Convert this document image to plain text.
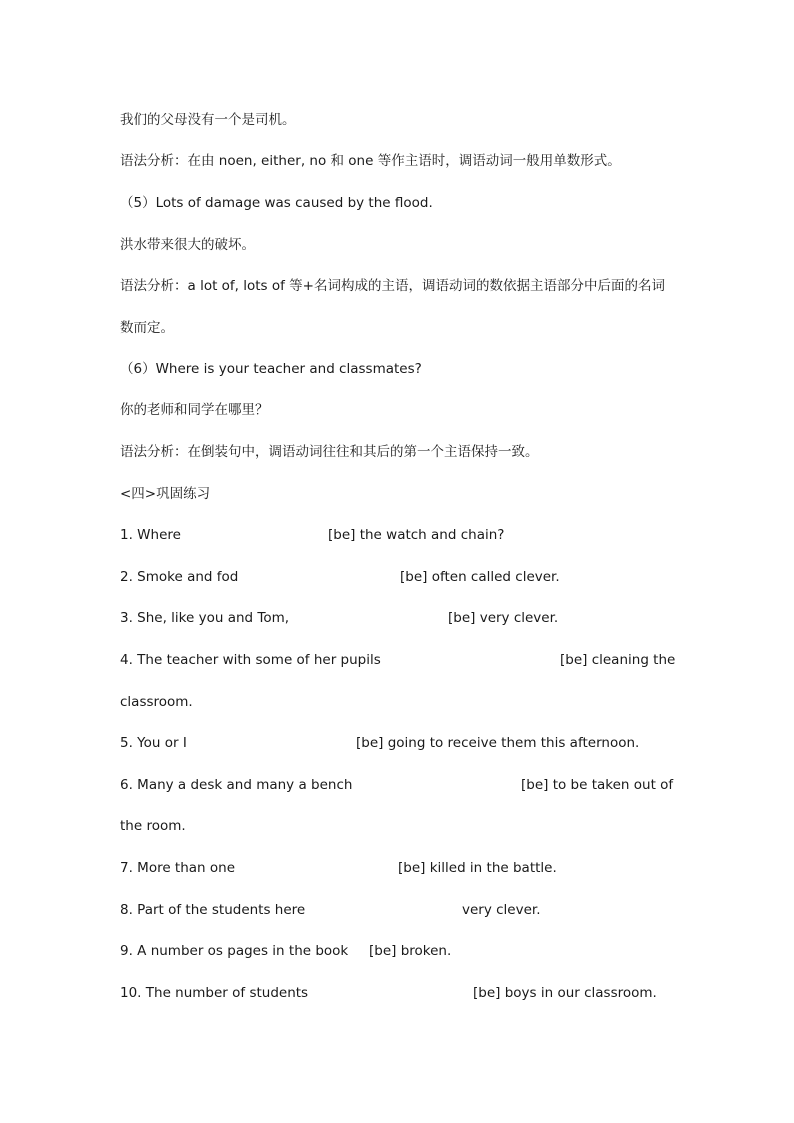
我们的父母没有一个是司机。
语法分析：在由 noen, either, no 和 one 等作主语时，调语动词一般用单数形式。
（5）Lots of damage was caused by the flood.
洪水带来很大的破坏。
语法分析：a lot of, lots of 等+名词构成的主语，调语动词的数依据主语部分中后面的名词
数而定。
（6）Where is your teacher and classmates?
你的老师和同学在哪里？
语法分析：在倒装句中，调语动词往往和其后的第一个主语保持一致。
<四>巩固练习
1. Where	[be] the watch and chain?
2. Smoke and fod	[be] often called clever.
3. She, like you and Tom,	[be] very clever.
4. The teacher with some of her pupils	[be] cleaning the
classroom.
5. You or I	[be] going to receive them this afternoon.
6. Many a desk and many a bench	[be] to be taken out of
the room.
7. More than one	[be] killed in the battle.
8. Part of the students here	very clever.
9. A number os pages in the book [be] broken.
10. The number of students	[be] boys in our classroom.
